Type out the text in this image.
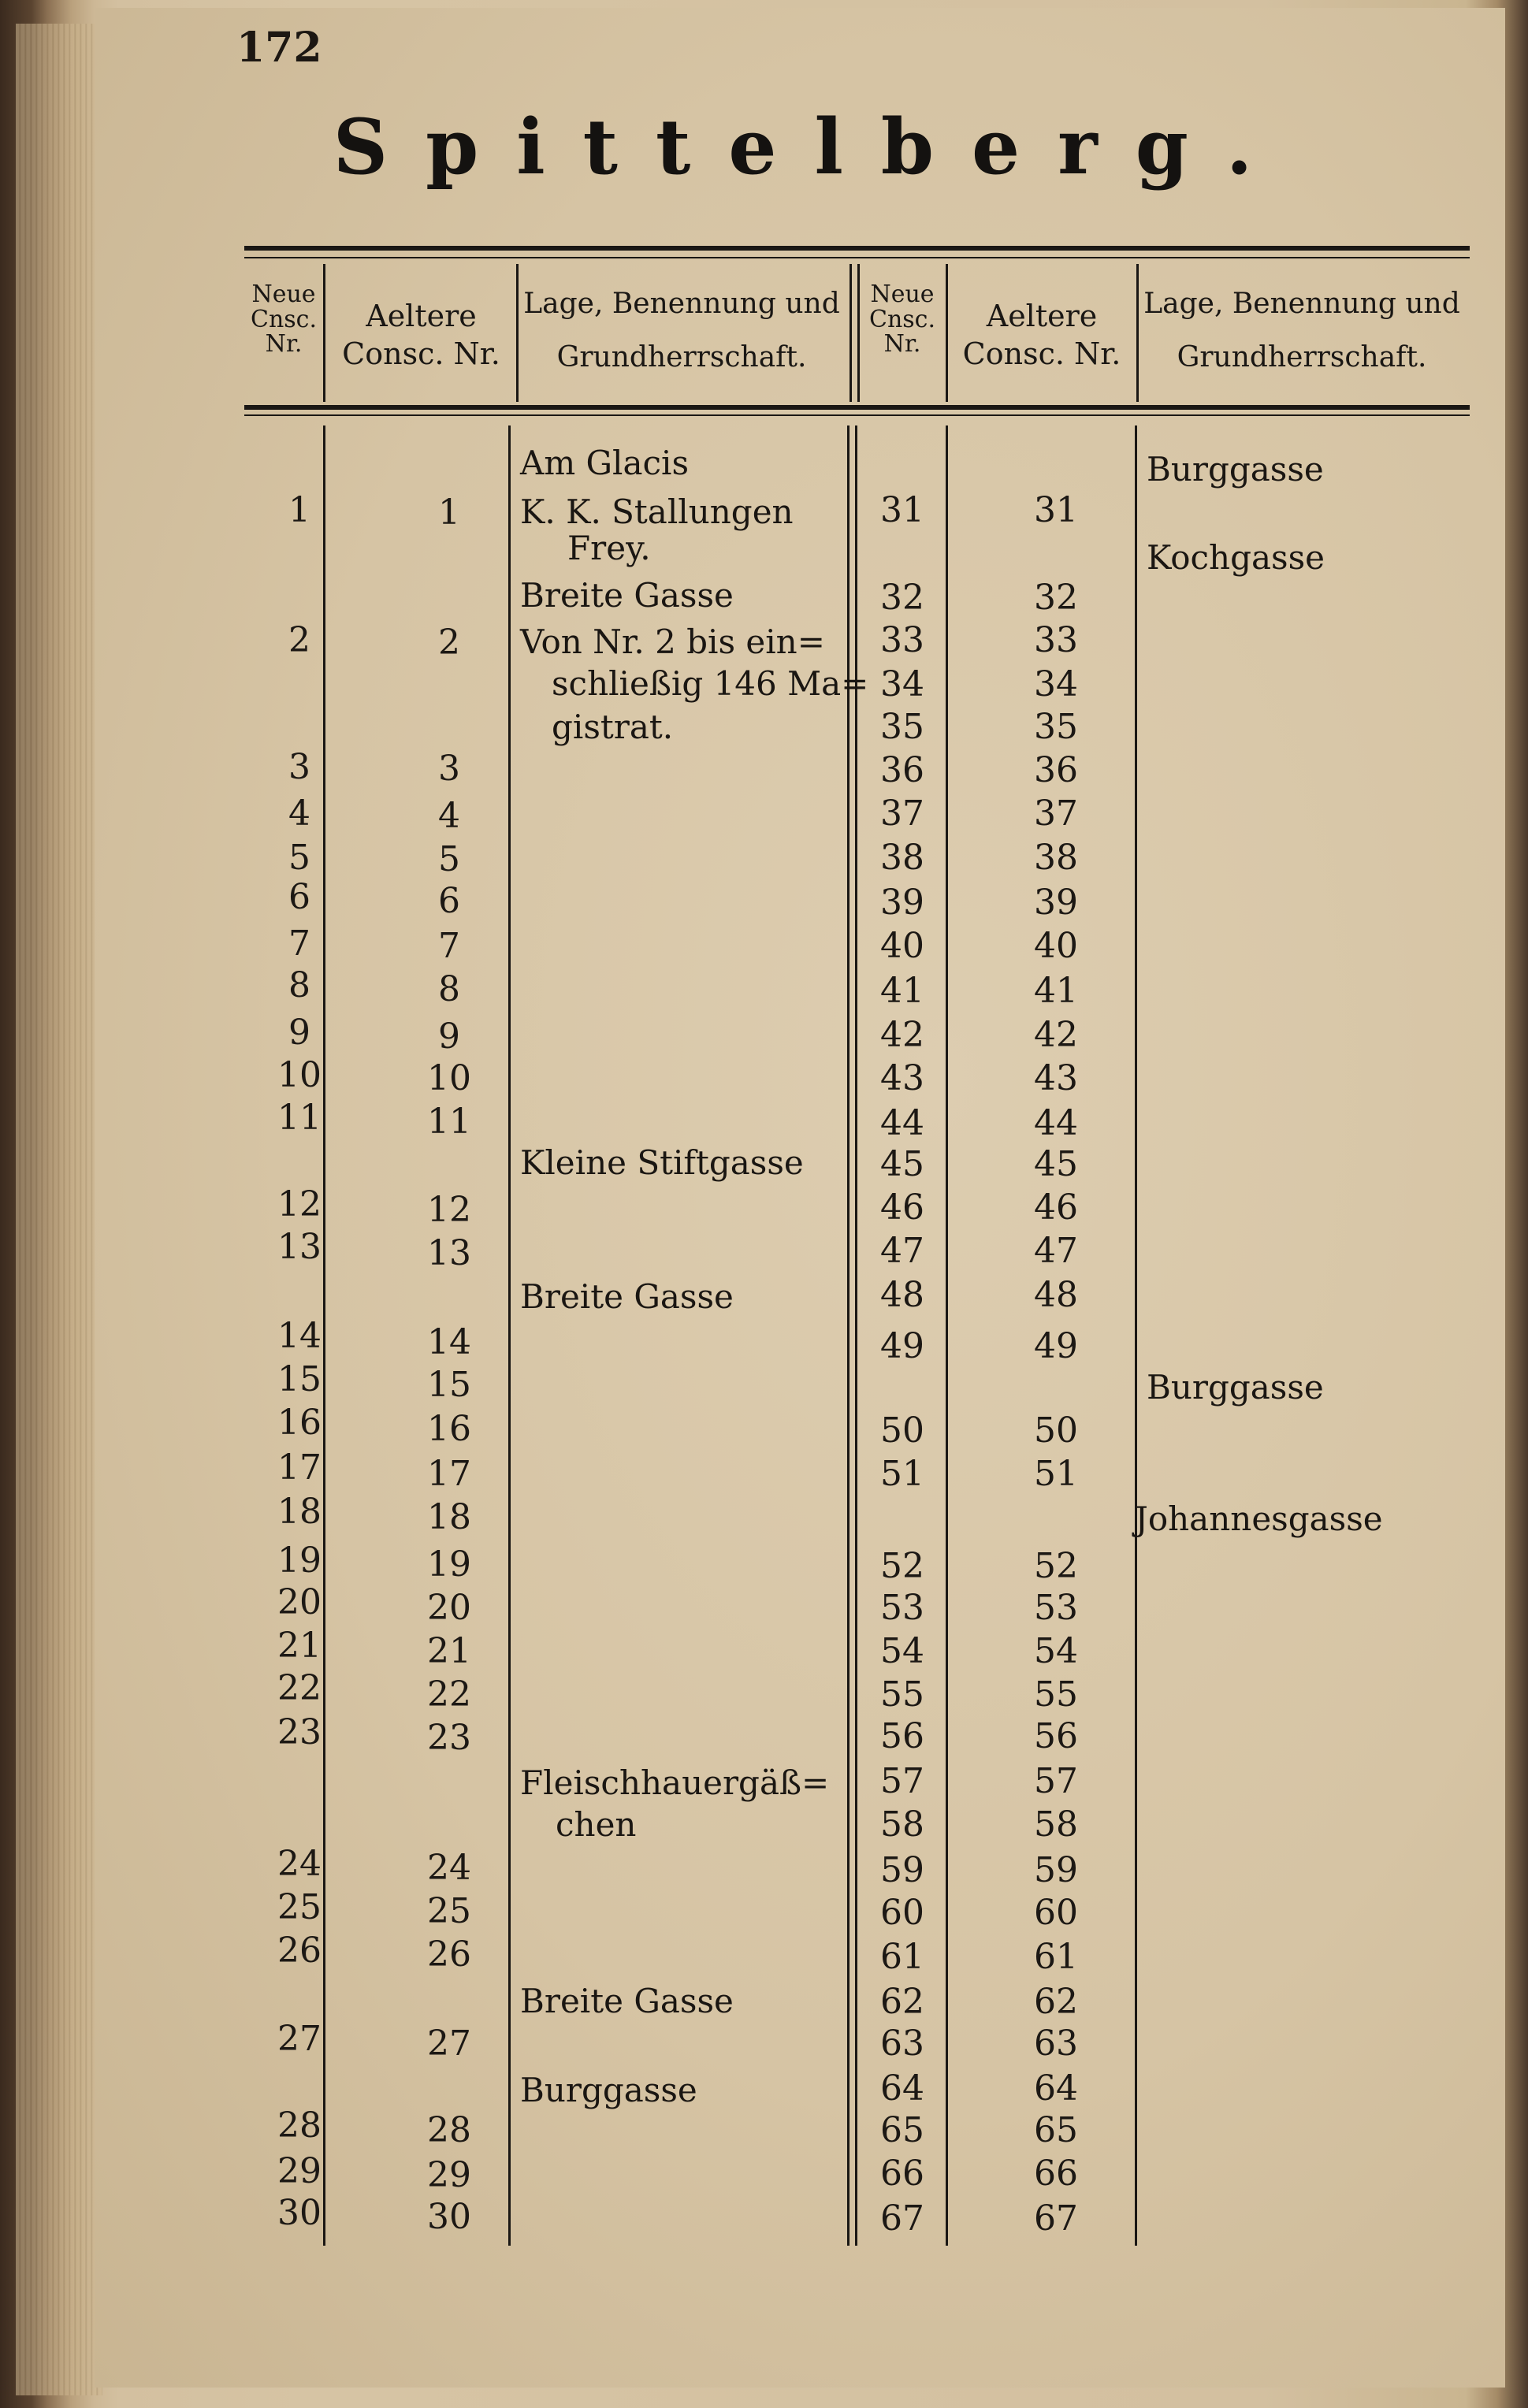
172
Spittelberg.
Neue
Cnsc.
Nr.
Aeltere
Consc. Nr.
Lage, Benennung und
Grundherrschaft.
Neue
Cnsc.
Nr.
Aeltere
Consc. Nr.
Lage, Benennung und
Grundherrschaft.
1
2
3
4
5
6
7
8
9
10
11
12
13
14
15
16
17
18
19
20
21
22
23
24
25
26
27
28
29
30
1
2
3
4
5
6
7
8
9
10
11
12
13
14
15
16
17
18
19
20
21
22
23
24
25
26
27
28
29
30
Am Glacis
K. K. Stallungen
Frey.
Breite Gasse
Von Nr. 2 bis ein=
schließig 146 Ma=
gistrat.
Kleine Stiftgasse
Breite Gasse
Fleischhauergäß=
chen
Breite Gasse
Burggasse
31
32
33
34
35
36
37
38
39
40
41
42
43
44
45
46
47
48
49
50
51
52
53
54
55
56
57
58
59
60
61
62
63
64
65
66
67
31
32
33
34
35
36
37
38
39
40
41
42
43
44
45
46
47
48
49
50
51
52
53
54
55
56
57
58
59
60
61
62
63
64
65
66
67
Burggasse
Kochgasse
Burggasse
Johannesgasse
